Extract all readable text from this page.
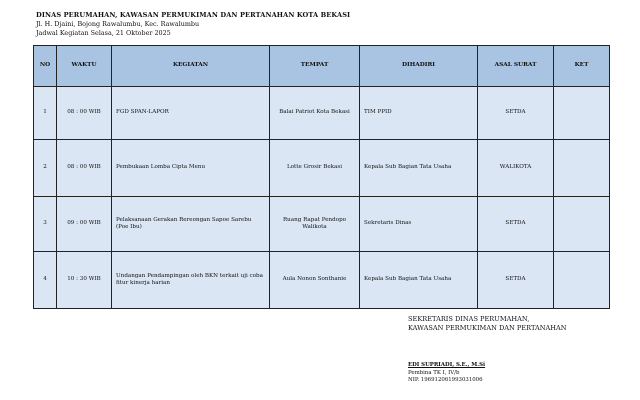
DINAS PERUMAHAN, KAWASAN PERMUKIMAN DAN PERTANAHAN KOTA BEKASI
Jl. H. Djaini, Bojong Rawalumbu, Kec. Rawalumbu
Jadwal Kegiatan Selasa, 21 Oktober 2025
NO	WAKTU	KEGIATAN	TEMPAT	DIHADIRI	ASAL SURAT	KET
1	08 : 00 WIB	FGD SPAN-LAPOR	Balai Patriot Kota Bekasi	TIM PPID	SETDA	
2	08 : 00 WIB	Pembukaan Lomba Cipta Menu	Lotte Grosir Bekasi	Kepala Sub Bagian Tata Usaha	WALIKOTA	
3	09 : 00 WIB	Pelaksanaan Gerakan Rereongan Sapoe Sarebu (Poe Ibu)	Ruang Rapat Pendopo Walikota	Sekretaris Dinas	SETDA	
4	10 : 30 WIB	Undangan Pendampingan oleh BKN terkait uji coba fitur kinerja harian	Aula Nonon Sonthanie	Kepala Sub Bagian Tata Usaha	SETDA	
SEKRETARIS DINAS PERUMAHAN,
KAWASAN PERMUKIMAN DAN PERTANAHAN
EDI SUPRIADI, S.E., M.Si
Pembina TK I, IV/b
NIP. 196912061993031006
